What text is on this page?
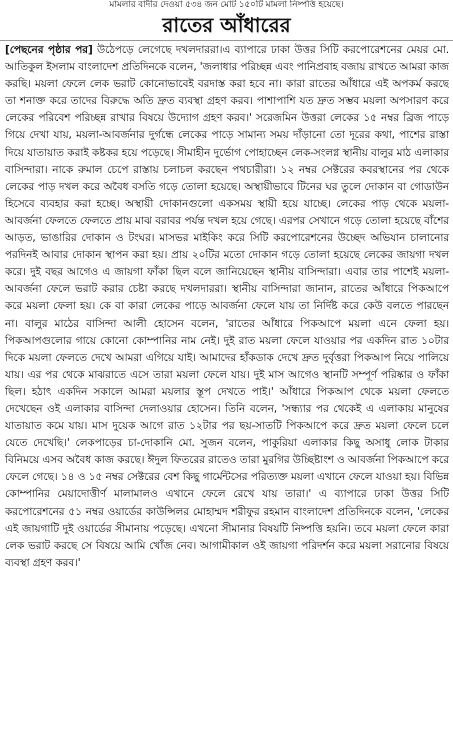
মামলার বাদীর দেওয়া ৫৩৪ জন মোট ১৫০টি মামলা নিষ্পত্তি হয়েছে।
রাতের আঁধারের
[পেছনের পৃষ্ঠার পর] উঠেপড়ে লেগেছে দখলদাররা।এ ব্যাপারে ঢাকা উত্তর সিটি করপোরেশনের মেয়র মো. আতিকুল ইসলাম বাংলাদেশ প্রতিদিনকে বলেন, 'জলাধার পরিচ্ছন্ন এবং পানিপ্রবাহ বজায় রাখতে আমরা কাজ করছি। ময়লা ফেলে লেক ভরাট কোনোভাবেই বরদাস্ত করা হবে না। কারা রাতের আঁধারে এই অপকর্ম করছে তা শনাক্ত করে তাদের বিরুদ্ধে অতি দ্রুত ব্যবস্থা গ্রহণ করব। পাশাপাশি যত দ্রুত সম্ভব ময়লা অপসারণ করে লেকের পরিবেশ পরিচ্ছন্ন রাখার বিষয়ে উদ্যোগ গ্রহণ করব।' সরেজমিন উত্তরা লেকের ১৫ নম্বর ব্রিজ পাড়ে গিয়ে দেখা যায়, ময়লা-আবর্জনার দুর্গন্ধে লেকের পাড়ে সামান্য সময় দাঁড়ানো তো দূরের কথা, পাশের রাস্তা দিয়ে যাতায়াত করাই কষ্টকর হয়ে পড়েছে। সীমাহীন দুর্ভোগ পোহাচ্ছেন লেক-সংলগ্ন স্থানীয় বালুর মাঠ এলাকার বাসিন্দারা। নাকে রুমাল চেপে রাস্তায় চলাচল করছেন পথচারীরা। ১২ নম্বর সেক্টরের কবরস্থানের পর থেকে লেকের পাড় দখল করে অবৈধ বসতি গড়ে তোলা হয়েছে। অস্থায়ীভাবে টিনের ঘর তুলে দোকান বা গোডাউন হিসেবে ব্যবহার করা হচ্ছে। অস্থায়ী দোকানগুলো একসময় স্থায়ী হয়ে যাচ্ছে। লেকের পাড় থেকে ময়লা-আবর্জনা ফেলতে ফেলতে প্রায় মাঝ বরাবর পর্যন্ত দখল হয়ে গেছে। এরপর সেখানে গড়ে তোলা হয়েছে বাঁশের আড়ত, ভাঙারির দোকান ও টংঘর। মাসভর মাইকিং করে সিটি করপোরেশনের উচ্ছেদ অভিযান চালানোর পরদিনই আবার দোকান স্থাপন করা হয়। প্রায় ২০টির মতো দোকান গড়ে তোলা হয়েছে লেকের জায়গা দখল করে। দুই বছর আগেও এ জায়গা ফাঁকা ছিল বলে জানিয়েছেন স্থানীয় বাসিন্দারা। এবার তার পাশেই ময়লা-আবর্জনা ফেলে ভরাট করার চেষ্টা করছে দখলদাররা। স্থানীয় বাসিন্দারা জানান, রাতের আঁধারে পিকআপে করে ময়লা ফেলা হয়। কে বা কারা লেকের পাড়ে আবর্জনা ফেলে যায় তা নির্দিষ্ট করে কেউ বলতে পারছেন না। বালুর মাঠের বাসিন্দা আলী হোসেন বলেন, 'রাতের আঁধারে পিকআপে ময়লা এনে ফেলা হয়। পিকআপগুলোর গায়ে কোনো কোম্পানির নাম নেই। দুই রাত ময়লা ফেলে যাওয়ার পর একদিন রাত ১০টার দিকে ময়লা ফেলতে দেখে আমরা এগিয়ে যাই। আমাদের হাঁকডাক দেখে দ্রুত দুর্বৃত্তরা পিকআপ নিয়ে পালিয়ে যায়। এর পর থেকে মাঝরাতে এসে তারা ময়লা ফেলে যায়। দুই মাস আগেও স্থানটি সম্পূর্ণ পরিষ্কার ও ফাঁকা ছিল। হঠাৎ একদিন সকালে আমরা ময়লার স্তূপ দেখতে পাই।' আঁধারে পিকআপ থেকে ময়লা ফেলতে দেখেছেন ওই এলাকার বাসিন্দা দেলাওয়ার হোসেন। তিনি বলেন, 'সন্ধ্যার পর থেকেই এ এলাকায় মানুষের যাতায়াত কমে যায়। মাস দুয়েক আগে রাত ১২টার পর ছয়-সাতটি পিকআপে করে দ্রুত ময়লা ফেলে চলে যেতে দেখেছি।' লেকপাড়ের চা-দোকানি মো. সুজন বলেন, পাকুরিয়া এলাকার কিছু অসাধু লোক টাকার বিনিময়ে এসব অবৈধ কাজ করছে। ঈদুল ফিতরের রাতেও তারা মুরগির উচ্ছিষ্টাংশ ও আবর্জনা পিকআপে করে ফেলে গেছে। ১৪ ও ১৫ নম্বর সেক্টরের বেশ কিছু গার্মেন্টসের পরিত্যক্ত ময়লা এখানে ফেলে যাওয়া হয়। বিভিন্ন কোম্পানির মেয়াদোত্তীর্ণ মালামালও এখানে ফেলে রেখে যায় তারা।' এ ব্যাপারে ঢাকা উত্তর সিটি করপোরেশনের ৫১ নম্বর ওয়ার্ডের কাউন্সিলর মোহাম্মদ শরীফুর রহমান বাংলাদেশ প্রতিদিনকে বলেন, 'লেকের এই জায়গাটি দুই ওয়ার্ডের সীমানায় পড়েছে। এখনো সীমানার বিষয়টি নিষ্পত্তি হয়নি। তবে ময়লা ফেলে কারা লেক ভরাট করছে সে বিষয়ে আমি খোঁজ নেব। আগামীকাল ওই জায়গা পরিদর্শন করে ময়লা সরানোর বিষয়ে ব্যবস্থা গ্রহণ করব।'
